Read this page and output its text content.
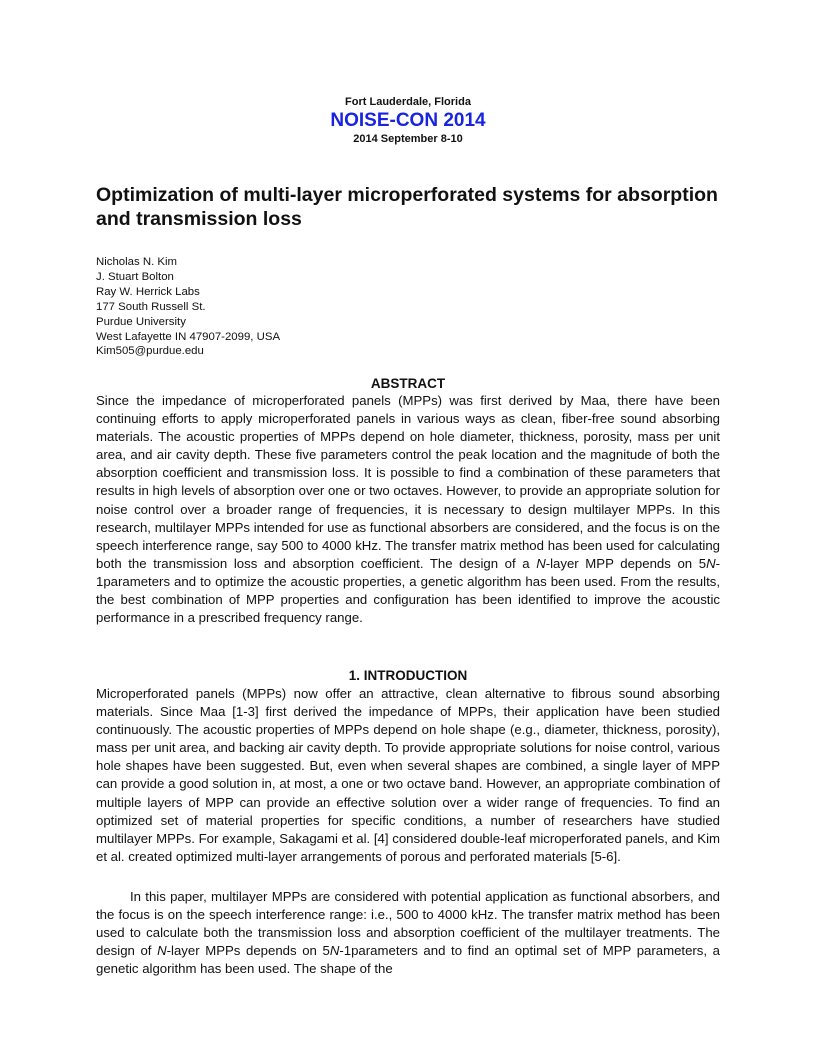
Fort Lauderdale, Florida
NOISE-CON 2014
2014 September 8-10
Optimization of multi-layer microperforated systems for absorption and transmission loss
Nicholas N. Kim
J. Stuart Bolton
Ray W. Herrick Labs
177 South Russell St.
Purdue University
West Lafayette IN 47907-2099, USA
Kim505@purdue.edu
ABSTRACT

Since the impedance of microperforated panels (MPPs) was first derived by Maa, there have been continuing efforts to apply microperforated panels in various ways as clean, fiber-free sound absorbing materials. The acoustic properties of MPPs depend on hole diameter, thickness, porosity, mass per unit area, and air cavity depth. These five parameters control the peak location and the magnitude of both the absorption coefficient and transmission loss. It is possible to find a combination of these parameters that results in high levels of absorption over one or two octaves. However, to provide an appropriate solution for noise control over a broader range of frequencies, it is necessary to design multilayer MPPs. In this research, multilayer MPPs intended for use as functional absorbers are considered, and the focus is on the speech interference range, say 500 to 4000 kHz. The transfer matrix method has been used for calculating both the transmission loss and absorption coefficient. The design of a N-layer MPP depends on 5N-1parameters and to optimize the acoustic properties, a genetic algorithm has been used. From the results, the best combination of MPP properties and configuration has been identified to improve the acoustic performance in a prescribed frequency range.

1. INTRODUCTION

Microperforated panels (MPPs) now offer an attractive, clean alternative to fibrous sound absorbing materials. Since Maa [1-3] first derived the impedance of MPPs, their application have been studied continuously. The acoustic properties of MPPs depend on hole shape (e.g., diameter, thickness, porosity), mass per unit area, and backing air cavity depth. To provide appropriate solutions for noise control, various hole shapes have been suggested. But, even when several shapes are combined, a single layer of MPP can provide a good solution in, at most, a one or two octave band. However, an appropriate combination of multiple layers of MPP can provide an effective solution over a wider range of frequencies. To find an optimized set of material properties for specific conditions, a number of researchers have studied multilayer MPPs. For example, Sakagami et al. [4] considered double-leaf microperforated panels, and Kim et al. created optimized multi-layer arrangements of porous and perforated materials [5-6].

In this paper, multilayer MPPs are considered with potential application as functional absorbers, and the focus is on the speech interference range: i.e., 500 to 4000 kHz. The transfer matrix method has been used to calculate both the transmission loss and absorption coefficient of the multilayer treatments. The design of N-layer MPPs depends on 5N-1parameters and to find an optimal set of MPP parameters, a genetic algorithm has been used. The shape of the
